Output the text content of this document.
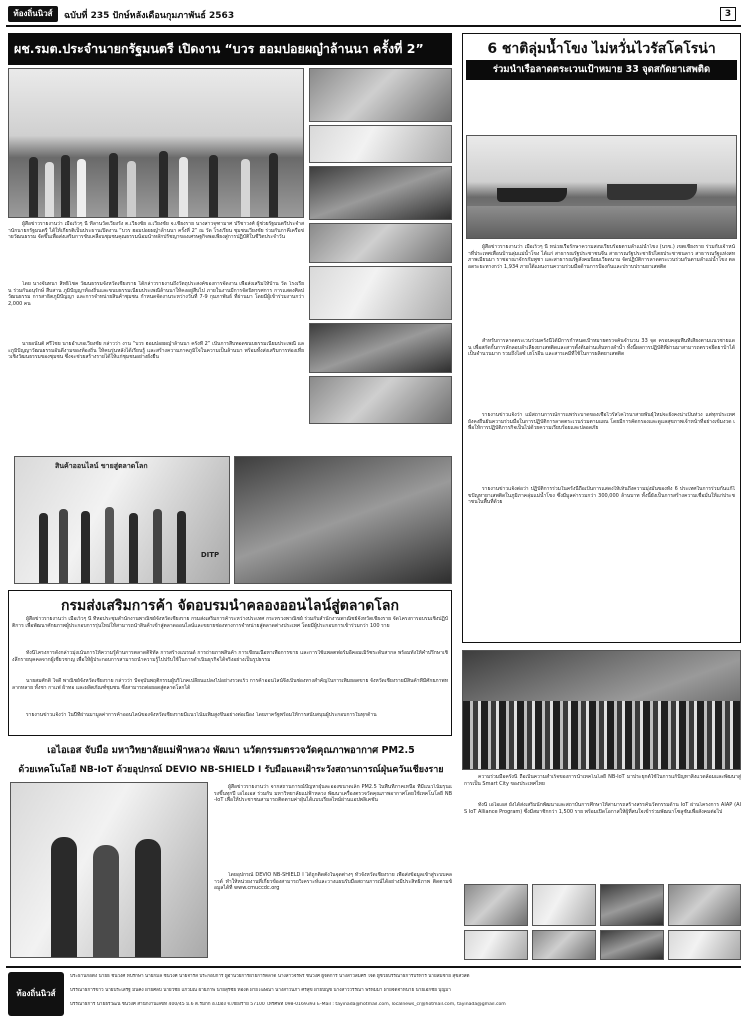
ท้องถิ่นนิวส์	ฉบับที่ 235 ปักษ์หลังเดือนกุมภาพันธ์ 2563	3
ผช.รมต.ประจำนายกรัฐมนตรี เปิดงาน “บวร ฮอมปอยผญ๋าล้านนา ครั้งที่ 2”
ผู้สื่อข่าวรายงานว่า เมื่อเร็วๆ นี้ ที่ลานวัดเวียงรั้ง ต.เวียงชัย อ.เวียงชัย จ.เชียงราย นางสาวจุฑามาศ ปรีชาวงศ์ ผู้ช่วยรัฐมนตรีประจำสำนักนายกรัฐมนตรี ได้ให้เกียรติเป็นประธานเปิดงาน “บวร ฮอมปอยผญ๋าล้านนา ครั้งที่ 2” ณ วัด โรงเรียน ชุมชนเวียงชัย ร่วมกับภาคีเครือข่ายวัฒนธรรม จัดขึ้นเพื่อส่งเสริมการขับเคลื่อนชุมชนคุณธรรมน้อมนำหลักปรัชญาของเศรษฐกิจพอเพียงสู่การปฏิบัติในชีวิตประจำวัน
โดย นางจันทนา สิทธิโชค วัฒนธรรมจังหวัดเชียงราย ได้กล่าวรายงานถึงวัตถุประสงค์ของการจัดงาน เพื่อส่งเสริมให้บ้าน วัด โรงเรียน ร่วมกันอนุรักษ์ สืบสาน ภูมิปัญญาท้องถิ่นและขนบธรรมเนียมประเพณีล้านนาให้คงอยู่สืบไป ภายในงานมีการจัดนิทรรศการ การแสดงศิลปวัฒนธรรม การสาธิตภูมิปัญญา และการจำหน่ายสินค้าชุมชน กำหนดจัดงานระหว่างวันที่ 7-9 กุมภาพันธ์ ที่ผ่านมา โดยมีผู้เข้าร่วมงานกว่า 2,000 คน
นายอนันต์ ศรีไชย นายอำเภอเวียงชัย กล่าวว่า งาน “บวร ฮอมปอยผญ๋าล้านนา ครั้งที่ 2” เป็นการสืบทอดขนบธรรมเนียมประเพณี และภูมิปัญญาวัฒนธรรมอันดีงามของท้องถิ่น ให้คนรุ่นหลังได้เรียนรู้ และสร้างความภาคภูมิใจในความเป็นล้านนา พร้อมทั้งส่งเสริมการท่องเที่ยวเชิงวัฒนธรรมของชุมชน ซึ่งจะช่วยสร้างรายได้ให้แก่ชุมชนอย่างยั่งยืน
6 ชาติลุ่มน้ำโขง ไม่หวั่นไวรัสโคโรน่า
ร่วมนำเรือลาดตระเวนเป้าหมาย 33 จุดสกัดยาเสพติด
ผู้สื่อข่าวรายงานว่า เมื่อเร็วๆ นี้ หน่วยเรือรักษาความสงบเรียบร้อยตามลำแม่น้ำโขง (นรข.) เขตเชียงราย ร่วมกับเจ้าหน้าที่ประเทศเพื่อนบ้านลุ่มแม่น้ำโขง ได้แก่ สาธารณรัฐประชาชนจีน สาธารณรัฐประชาธิปไตยประชาชนลาว สาธารณรัฐแห่งสหภาพเมียนมา ราชอาณาจักรกัมพูชา และสาธารณรัฐสังคมนิยมเวียดนาม จัดปฏิบัติการลาดตระเวนร่วมกันตามลำแม่น้ำโขง ตลอดระยะทางกว่า 1,934 ภายใต้แผนงานความร่วมมือด้านการป้องกันและปราบปรามยาเสพติด
สำหรับการลาดตระเวนร่วมครั้งนี้ได้มีการกำหนดเป้าหมายตรวจค้นจำนวน 33 จุด ครอบคลุมพื้นที่เสี่ยงตามแนวชายแดน เพื่อสกัดกั้นการลักลอบลำเลียงยาเสพติดและสารตั้งต้นผ่านเส้นทางลำน้ำ ทั้งนี้ผลการปฏิบัติที่ผ่านมาสามารถตรวจยึดยาบ้าได้เป็นจำนวนมาก รวมถึงไอซ์ เฮโรอีน และสารเคมีที่ใช้ในการผลิตยาเสพติด
รายงานข่าวแจ้งว่า แม้สถานการณ์การแพร่ระบาดของเชื้อไวรัสโคโรนาสายพันธุ์ใหม่จะยังคงน่าเป็นห่วง แต่ทุกประเทศยังคงยืนยันความร่วมมือในการปฏิบัติการลาดตระเวนร่วมตามแผน โดยมีการคัดกรองและดูแลสุขภาพเจ้าหน้าที่อย่างเข้มงวด เพื่อให้การปฏิบัติภารกิจเป็นไปด้วยความเรียบร้อยและปลอดภัย
รายงานข่าวแจ้งต่อว่า ปฏิบัติการร่วมในครั้งนี้ถือเป็นการแสดงให้เห็นถึงความมุ่งมั่นของทั้ง 6 ประเทศในการร่วมกันแก้ไขปัญหายาเสพติดในภูมิภาคลุ่มแม่น้ำโขง ซึ่งมีมูลค่ารวมกว่า 300,000 ล้านบาท ทั้งนี้ยังเป็นการสร้างความเชื่อมั่นให้แก่ประชาชนในพื้นที่ด้วย
สินค้าออนไลน์ ขายสู่ตลาดโลก
DITP
กรมส่งเสริมการค้า จัดอบรมนำคลองออนไลน์สู่ตลาดโลก
ผู้สื่อข่าวรายงานว่า เมื่อเร็วๆ นี้ ที่หอประชุมสำนักงานพาณิชย์จังหวัดเชียงราย กรมส่งเสริมการค้าระหว่างประเทศ กระทรวงพาณิชย์ ร่วมกับสำนักงานพาณิชย์จังหวัดเชียงราย จัดโครงการอบรมเชิงปฏิบัติการ เพื่อพัฒนาศักยภาพผู้ประกอบการรุ่นใหม่ให้สามารถนำสินค้าเข้าสู่ตลาดออนไลน์และขยายช่องทางการจำหน่ายสู่ตลาดต่างประเทศ โดยมีผู้ประกอบการเข้าร่วมกว่า 100 ราย
ทั้งนี้โครงการดังกล่าวมุ่งเน้นการให้ความรู้ด้านการตลาดดิจิทัล การสร้างแบรนด์ การถ่ายภาพสินค้า การเขียนเนื้อหาเพื่อการขาย และการใช้แพลตฟอร์มอีคอมเมิร์ซระดับสากล พร้อมทั้งให้คำปรึกษาเชิงลึกรายบุคคลจากผู้เชี่ยวชาญ เพื่อให้ผู้ประกอบการสามารถนำความรู้ไปปรับใช้ในการดำเนินธุรกิจได้จริงอย่างเป็นรูปธรรม
นายสมศักดิ์ ใจดี พาณิชย์จังหวัดเชียงราย กล่าวว่า ปัจจุบันพฤติกรรมผู้บริโภคเปลี่ยนแปลงไปอย่างรวดเร็ว การค้าออนไลน์จึงเป็นช่องทางสำคัญในการเพิ่มยอดขาย จังหวัดเชียงรายมีสินค้าที่มีศักยภาพหลากหลาย ทั้งชา กาแฟ ผ้าทอ และผลิตภัณฑ์ชุมชน ซึ่งสามารถต่อยอดสู่ตลาดโลกได้
รายงานข่าวแจ้งว่า ในปีที่ผ่านมามูลค่าการค้าออนไลน์ของจังหวัดเชียงรายมีแนวโน้มเพิ่มสูงขึ้นอย่างต่อเนื่อง โดยภาครัฐพร้อมให้การสนับสนุนผู้ประกอบการในทุกด้าน
เอไอเอส จับมือ มหาวิทยาลัยแม่ฟ้าหลวง พัฒนา นวัตกรรมตรวจวัดคุณภาพอากาศ PM2.5
ด้วยเทคโนโลยี NB-IoT ด้วยอุปกรณ์ DEVIO NB-SHIELD I รับมือและเฝ้าระวังสถานการณ์ฝุ่นควันเชียงราย
ผู้สื่อข่าวรายงานว่า จากสถานการณ์ปัญหาฝุ่นละอองขนาดเล็ก PM2.5 ในพื้นที่ภาคเหนือ ที่มีแนวโน้มรุนแรงขึ้นทุกปี เอไอเอส ร่วมกับ มหาวิทยาลัยแม่ฟ้าหลวง พัฒนาเครื่องตรวจวัดคุณภาพอากาศโดยใช้เทคโนโลยี NB-IoT เพื่อให้ประชาชนสามารถติดตามค่าฝุ่นได้แบบเรียลไทม์ผ่านแอปพลิเคชัน
โดยอุปกรณ์ DEVIO NB-SHIELD I ได้ถูกติดตั้งในจุดต่างๆ ทั่วจังหวัดเชียงราย เพื่อส่งข้อมูลเข้าสู่ระบบคลาวด์ ทำให้หน่วยงานที่เกี่ยวข้องสามารถวิเคราะห์และวางแผนรับมือสถานการณ์ได้อย่างมีประสิทธิภาพ ติดตามข้อมูลได้ที่ www.cmuccdc.org
ความร่วมมือครั้งนี้ ถือเป็นความสำเร็จของการนำเทคโนโลยี NB-IoT มาประยุกต์ใช้ในการแก้ปัญหาสิ่งแวดล้อมและพัฒนาสู่การเป็น Smart City ของประเทศไทย
ทั้งนี้ เอไอเอส ยังได้ส่งเสริมนักพัฒนาและสถาบันการศึกษาให้สามารถสร้างสรรค์นวัตกรรมด้าน IoT ผ่านโครงการ AIAP (AIS IoT Alliance Program) ซึ่งมีสมาชิกกว่า 1,500 ราย พร้อมเปิดโอกาสให้ผู้ที่สนใจเข้าร่วมพัฒนาโซลูชันเพื่อสังคมต่อไป
ท้องถิ่นนิวส์
ประธานก่อตั้ง นายธี ชินวงศ์ ที่ปรึกษา นายกมล ชินวงศ์ นายจำรัส ประกอบการ ผู้อำนวยการฝ่ายการตลาด นางสาวจิรพร ชินวงศ์ ผู้จัดการ นางสาวสมศรี ใจดี ผู้ช่วยบรรณาธิการบริหาร นายสมชาย สุขสวัสดิ์
บรรณาธิการข่าว นายประเสริฐ มั่นคง ฝ่ายศิลป์ นายวิชัย แก้วมณี ฝ่ายภาพ นายสุรชัย ทองดี ฝ่ายโฆษณา นางสาวนภา ศรีสุข ฝ่ายบัญชี นางสาววรรณา พรหมมา ฝ่ายจัดจำหน่าย นายเอกชัย บุญมา
บรรณาธิการ นายธีรวัฒน์ ชินวงศ์ สำนักงานเลขที่ 400/45 ม.6 ต.ริมกก อ.เมือง จ.เชียงราย 57100 โทรศัพท์ 098-0169393 E-Mail : tayinada@hotmail.com, localnews_cr@hotmail.com, tayinada@gmail.com
